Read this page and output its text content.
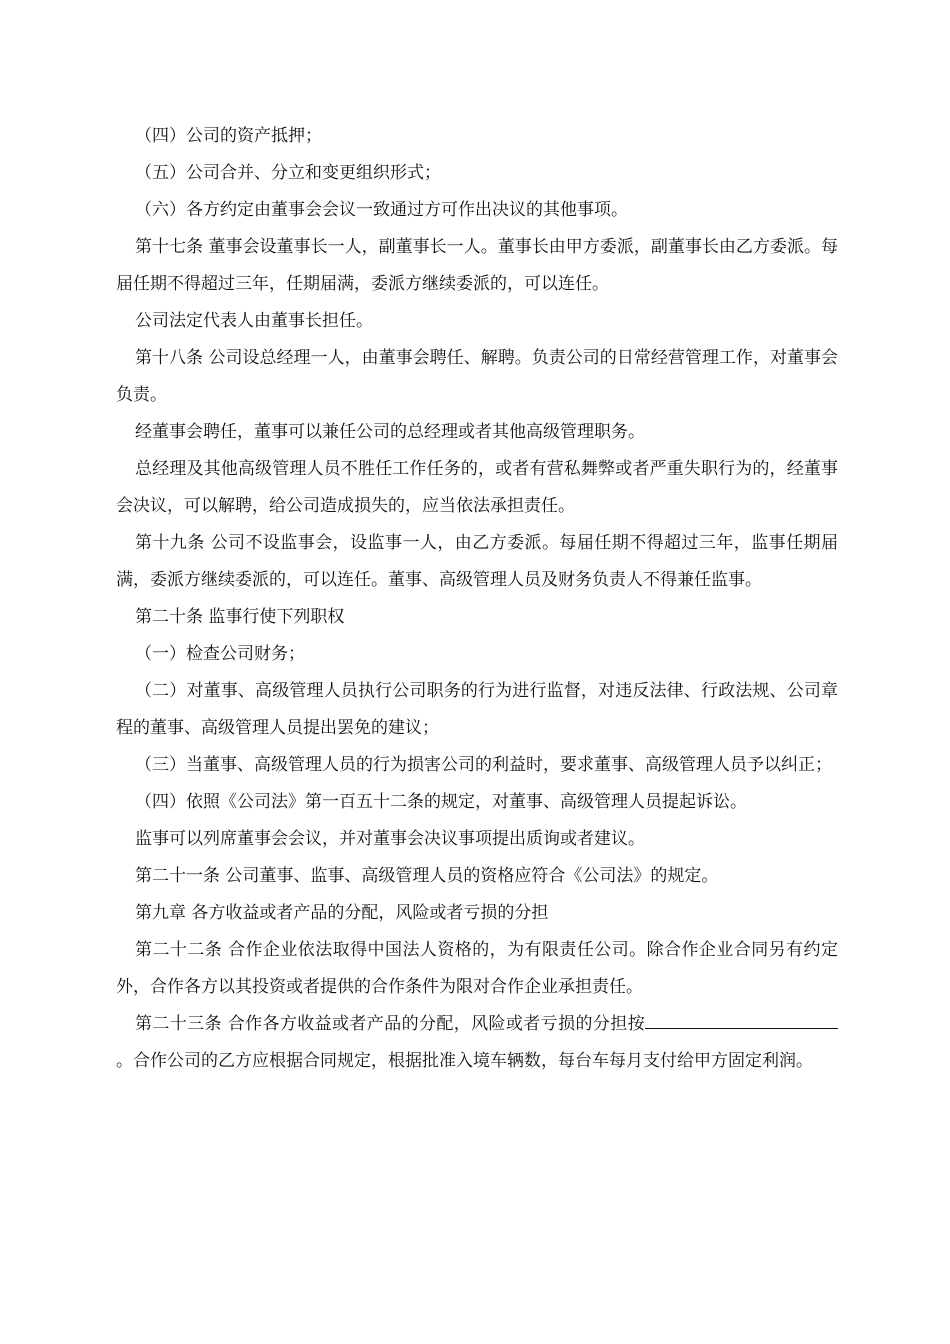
（四）公司的资产抵押；

（五）公司合并、分立和变更组织形式；

（六）各方约定由董事会会议一致通过方可作出决议的其他事项。

第十七条 董事会设董事长一人，副董事长一人。董事长由甲方委派，副董事长由乙方委派。每届任期不得超过三年，任期届满，委派方继续委派的，可以连任。

公司法定代表人由董事长担任。

第十八条 公司设总经理一人，由董事会聘任、解聘。负责公司的日常经营管理工作，对董事会负责。

经董事会聘任，董事可以兼任公司的总经理或者其他高级管理职务。

总经理及其他高级管理人员不胜任工作任务的，或者有营私舞弊或者严重失职行为的，经董事会决议，可以解聘，给公司造成损失的，应当依法承担责任。

第十九条 公司不设监事会，设监事一人，由乙方委派。每届任期不得超过三年，监事任期届满，委派方继续委派的，可以连任。董事、高级管理人员及财务负责人不得兼任监事。

第二十条 监事行使下列职权

（一）检查公司财务；

（二）对董事、高级管理人员执行公司职务的行为进行监督，对违反法律、行政法规、公司章程的董事、高级管理人员提出罢免的建议；

（三）当董事、高级管理人员的行为损害公司的利益时，要求董事、高级管理人员予以纠正；

（四）依照《公司法》第一百五十二条的规定，对董事、高级管理人员提起诉讼。

监事可以列席董事会会议，并对董事会决议事项提出质询或者建议。

第二十一条 公司董事、监事、高级管理人员的资格应符合《公司法》的规定。

第九章 各方收益或者产品的分配，风险或者亏损的分担

第二十二条 合作企业依法取得中国法人资格的，为有限责任公司。除合作企业合同另有约定外，合作各方以其投资或者提供的合作条件为限对合作企业承担责任。

第二十三条 合作各方收益或者产品的分配，风险或者亏损的分担按。合作公司的乙方应根据合同规定，根据批准入境车辆数，每台车每月支付给甲方固定利润。
